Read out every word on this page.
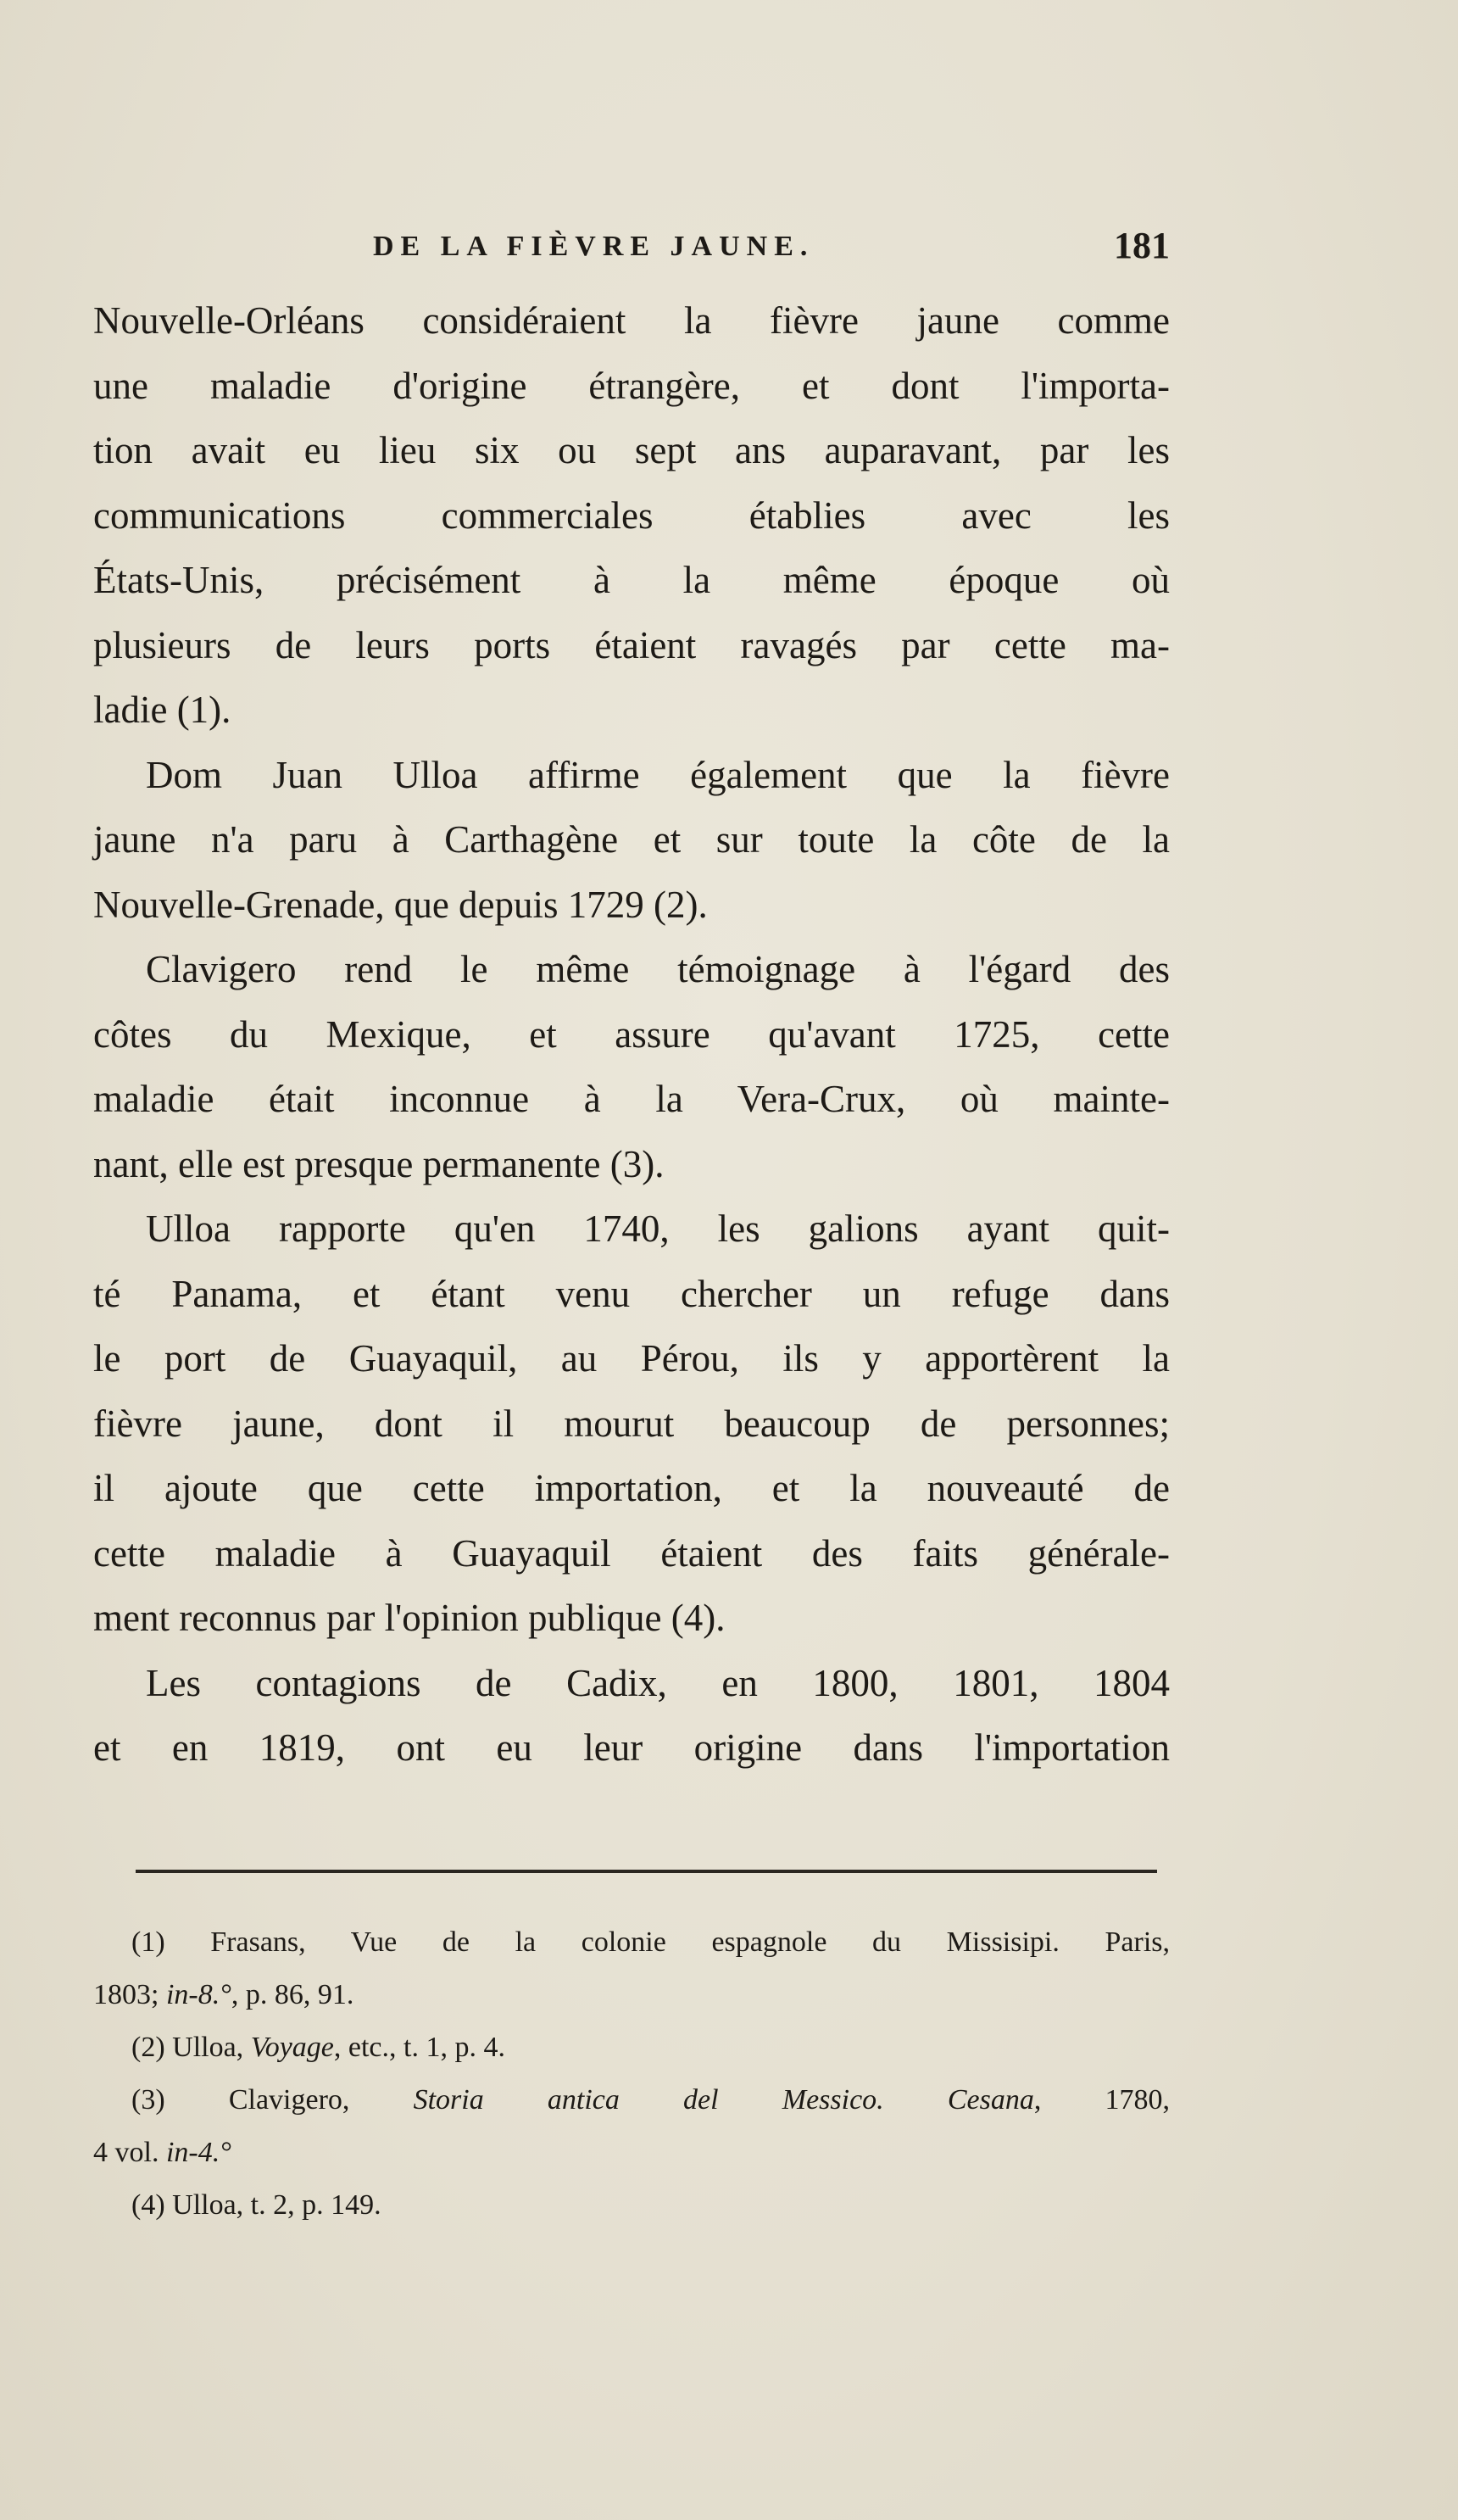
DE LA FIÈVRE JAUNE.	181
Nouvelle-Orléans considéraient la fièvre jaune comme
une maladie d'origine étrangère, et dont l'importa-
tion avait eu lieu six ou sept ans auparavant, par les
communications commerciales établies avec les
États-Unis, précisément à la même époque où
plusieurs de leurs ports étaient ravagés par cette ma-
ladie (1).
Dom Juan Ulloa affirme également que la fièvre
jaune n'a paru à Carthagène et sur toute la côte de la
Nouvelle-Grenade, que depuis 1729 (2).
Clavigero rend le même témoignage à l'égard des
côtes du Mexique, et assure qu'avant 1725, cette
maladie était inconnue à la Vera-Crux, où mainte-
nant, elle est presque permanente (3).
Ulloa rapporte qu'en 1740, les galions ayant quit-
té Panama, et étant venu chercher un refuge dans
le port de Guayaquil, au Pérou, ils y apportèrent la
fièvre jaune, dont il mourut beaucoup de personnes;
il ajoute que cette importation, et la nouveauté de
cette maladie à Guayaquil étaient des faits générale-
ment reconnus par l'opinion publique (4).
Les contagions de Cadix, en 1800, 1801, 1804
et en 1819, ont eu leur origine dans l'importation
(1) Frasans, Vue de la colonie espagnole du Missisipi. Paris,
1803; in-8.°, p. 86, 91.
(2) Ulloa, Voyage, etc., t. 1, p. 4.
(3) Clavigero, Storia antica del Messico. Cesana, 1780,
4 vol. in-4.°
(4) Ulloa, t. 2, p. 149.
